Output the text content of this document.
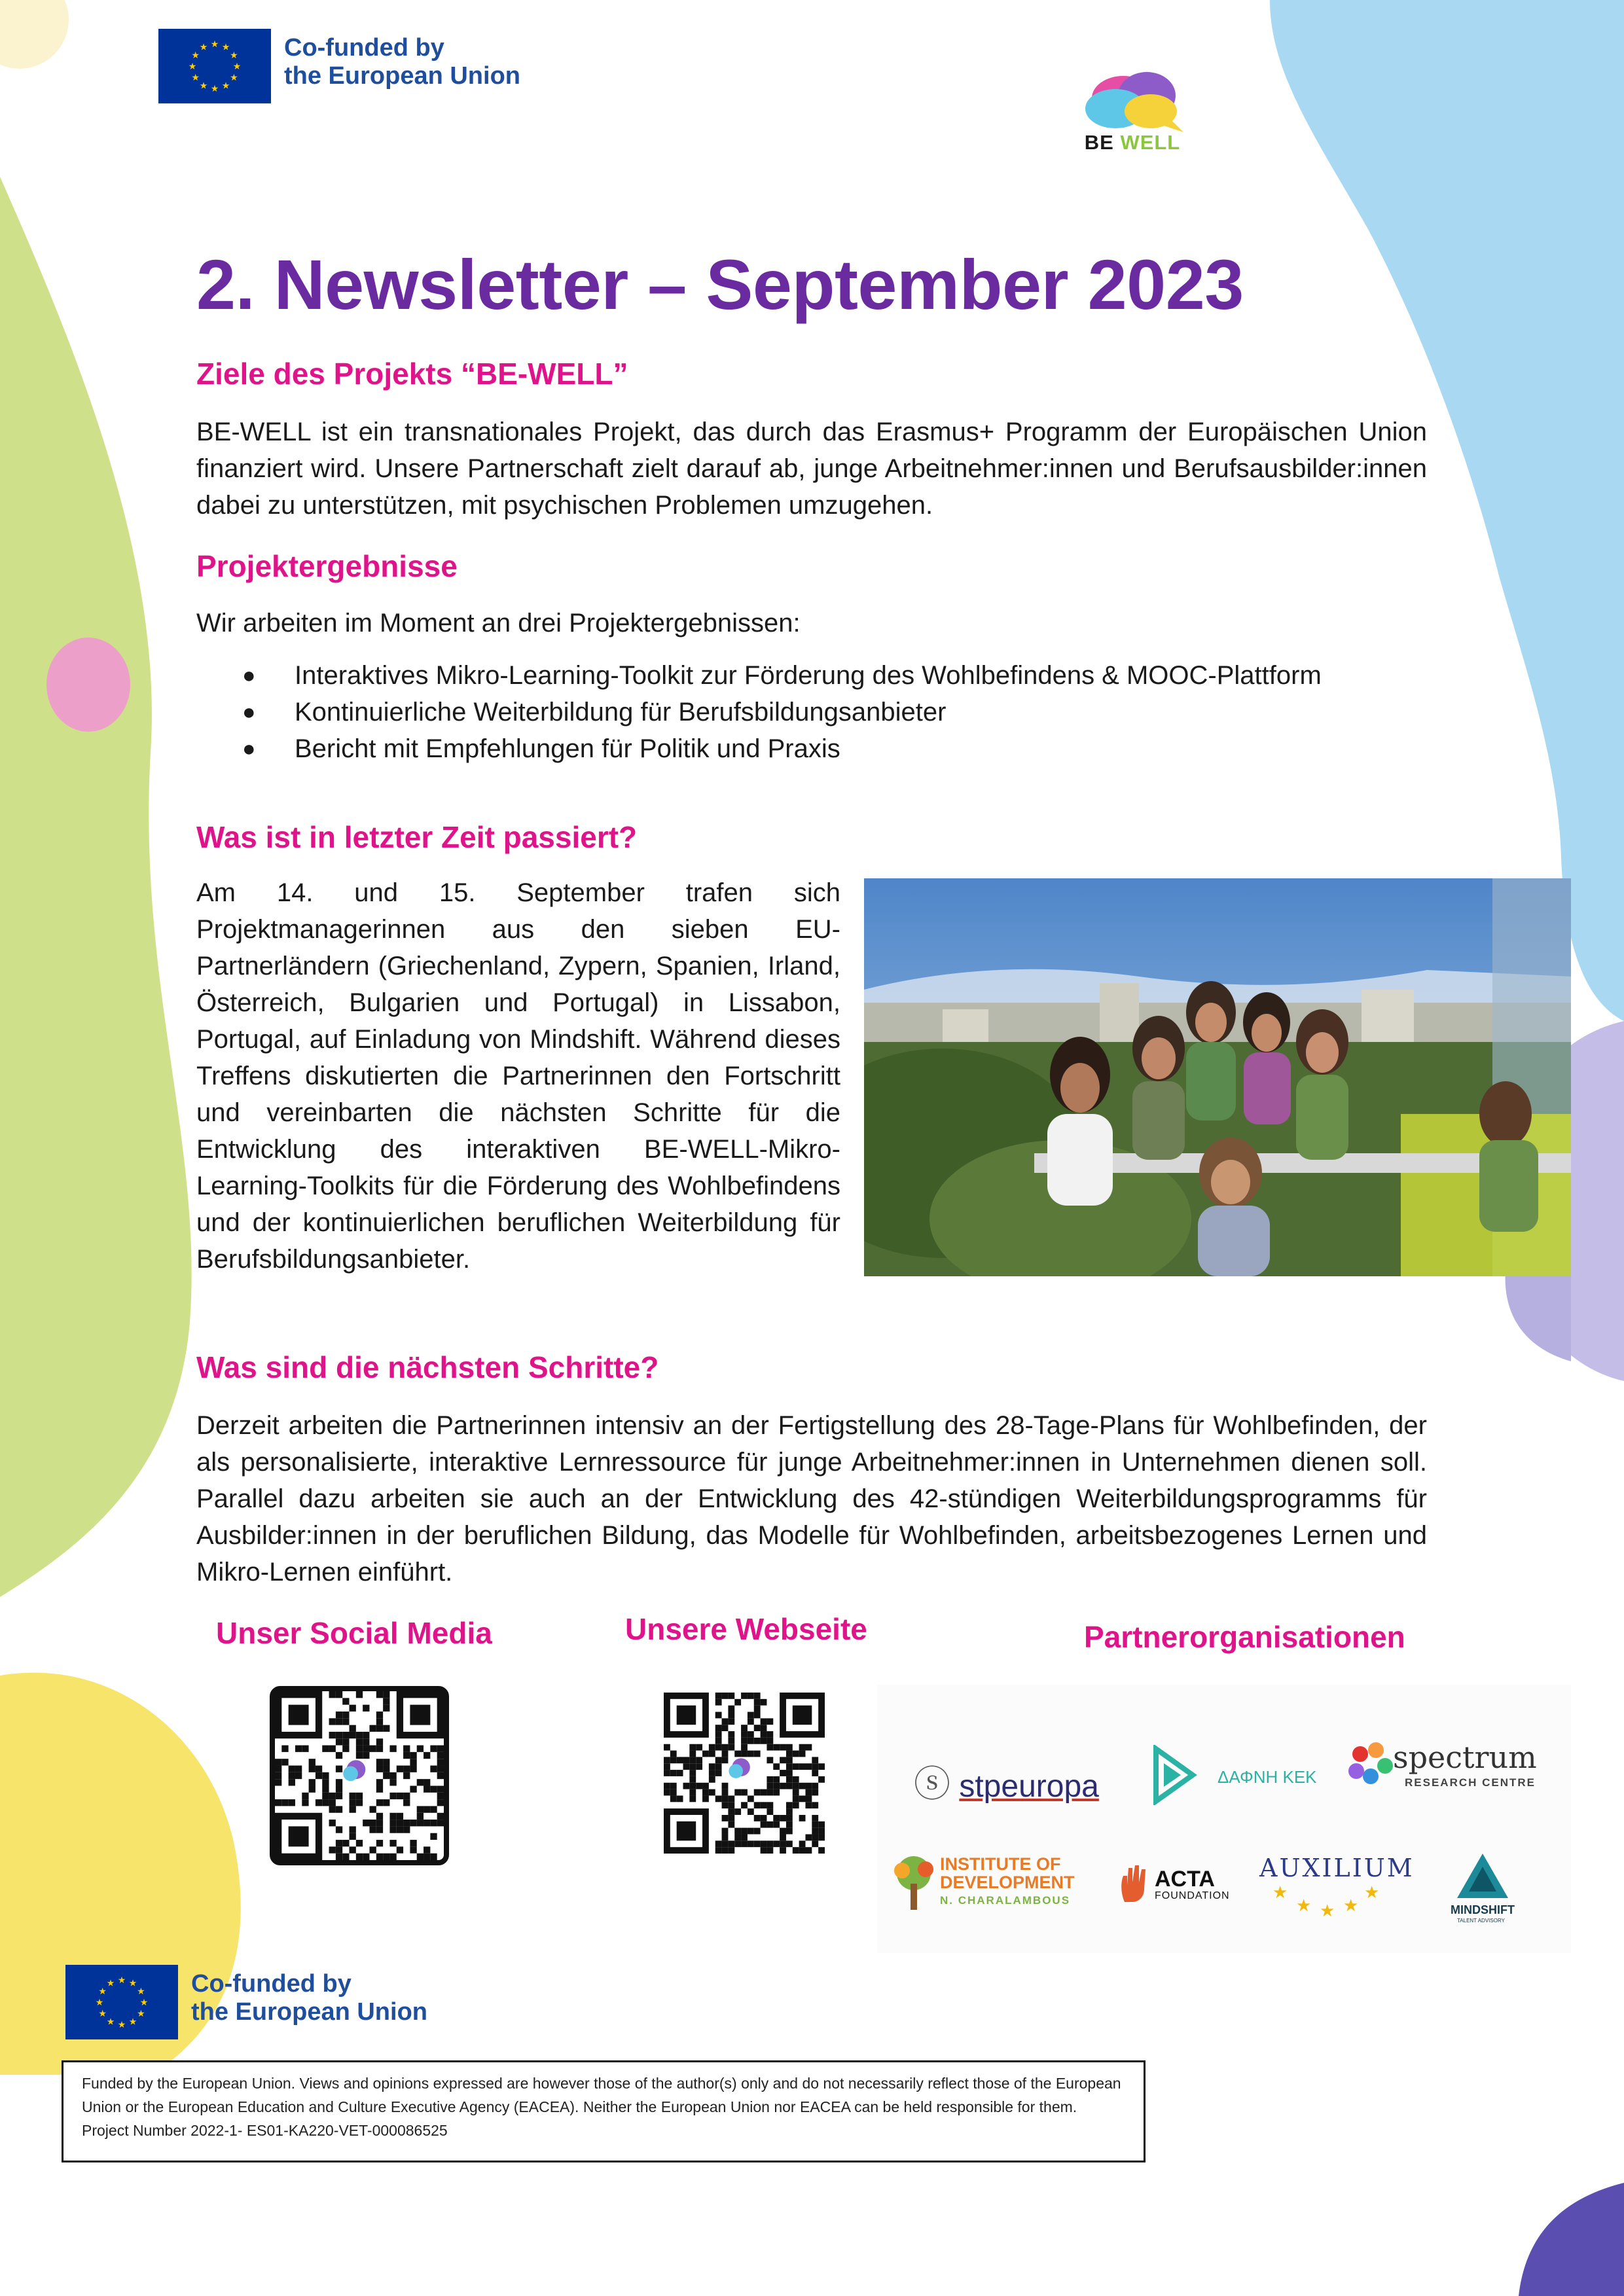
★
★
★
★
★
★
★
★
★ ★ ★
★ Co-funded by
the European Union
BE WELL
2. Newsletter – September 2023
Ziele des Projekts “BE-WELL”

BE-WELL ist ein transnationales Projekt, das durch das Erasmus+ Programm der Europäischen Union finanziert wird. Unsere Partnerschaft zielt darauf ab, junge Arbeitnehmer:innen und Berufsausbilder:innen dabei zu unterstützen, mit psychischen Problemen umzugehen.

Projektergebnisse

Wir arbeiten im Moment an drei Projektergebnissen:

●	Interaktives Mikro-Learning-Toolkit zur Förderung des Wohlbefindens & MOOC-Plattform
●	Kontinuierliche Weiterbildung für Berufsbildungsanbieter
●	Bericht mit Empfehlungen für Politik und Praxis
Was ist in letzter Zeit passiert?

Am 14. und 15. September trafen sich Projektmanagerinnen aus den sieben EU-Partnerländern (Griechenland, Zypern, Spanien, Irland, Österreich, Bulgarien und Portugal) in Lissabon, Portugal, auf Einladung von Mindshift. Während dieses Treffens diskutierten die Partnerinnen den Fortschritt und vereinbarten die nächsten Schritte für die Entwicklung des interaktiven BE-WELL-Mikro-Learning-Toolkits für die Förderung des Wohlbefindens und der kontinuierlichen beruflichen Weiterbildung für Berufsbildungsanbieter.

Was sind die nächsten Schritte?

Derzeit arbeiten die Partnerinnen intensiv an der Fertigstellung des 28-Tage-Plans für Wohlbefinden, der als personalisierte, interaktive Lernressource für junge Arbeitnehmer:innen in Unternehmen dienen soll. Parallel dazu arbeiten sie auch an der Entwicklung des 42-stündigen Weiterbildungsprogramms für Ausbilder:innen in der beruflichen Bildung, das Modelle für Wohlbefinden, arbeitsbezogenes Lernen und Mikro-Lernen einführt.

Unser Social Media	Unsere Webseite	Partnerorganisationen
ⓢ stpeuropa	ΔΑΦΝΗ ΚΕΚ
spectrum
RESEARCH CENTRE
INSTITUTE OF
DEVELOPMENT
N. CHARALAMBOUS
ACTA
FOUNDATION
AUXILIUM
★
★ ★ ★
★
MINDSHIFT
TALENT ADVISORY
★
★
★
★
★
★
★
★
★ ★ ★
★ Co-funded by
the European Union
Funded by the European Union. Views and opinions expressed are however those of the author(s) only and do not necessarily reflect those of the European Union or the European Education and Culture Executive Agency (EACEA). Neither the European Union nor EACEA can be held responsible for them. Project Number 2022-1- ES01-KA220-VET-000086525
